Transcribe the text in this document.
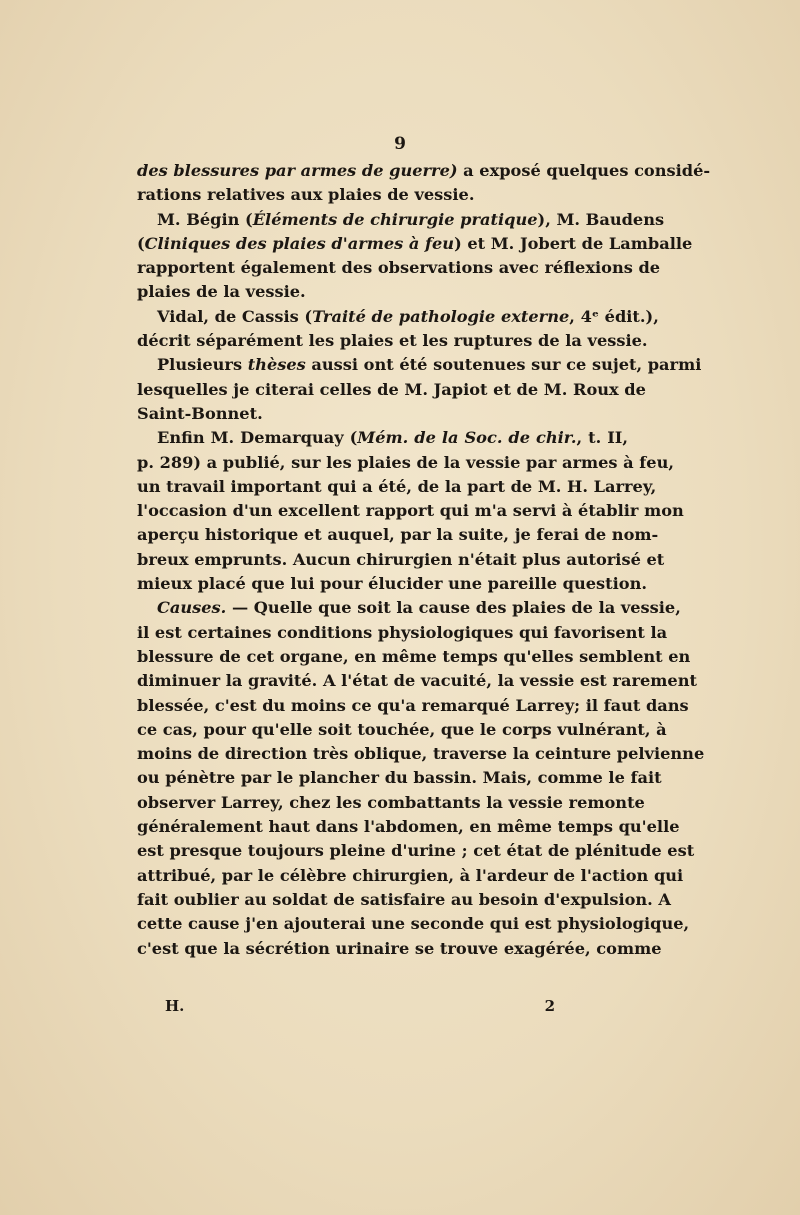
9
des blessures par armes de guerre) a exposé quelques considé-
rations relatives aux plaies de vessie.
M. Bégin (Éléments de chirurgie pratique), M. Baudens
(Cliniques des plaies d'armes à feu) et M. Jobert de Lamballe
rapportent également des observations avec réflexions de
plaies de la vessie.
Vidal, de Cassis (Traité de pathologie externe, 4ᵉ édit.),
décrit séparément les plaies et les ruptures de la vessie.
Plusieurs thèses aussi ont été soutenues sur ce sujet, parmi
lesquelles je citerai celles de M. Japiot et de M. Roux de
Saint-Bonnet.
Enfin M. Demarquay (Mém. de la Soc. de chir., t. II,
p. 289) a publié, sur les plaies de la vessie par armes à feu,
un travail important qui a été, de la part de M. H. Larrey,
l'occasion d'un excellent rapport qui m'a servi à établir mon
aperçu historique et auquel, par la suite, je ferai de nom-
breux emprunts. Aucun chirurgien n'était plus autorisé et
mieux placé que lui pour élucider une pareille question.
Causes. — Quelle que soit la cause des plaies de la vessie,
il est certaines conditions physiologiques qui favorisent la
blessure de cet organe, en même temps qu'elles semblent en
diminuer la gravité. A l'état de vacuité, la vessie est rarement
blessée, c'est du moins ce qu'a remarqué Larrey; il faut dans
ce cas, pour qu'elle soit touchée, que le corps vulnérant, à
moins de direction très oblique, traverse la ceinture pelvienne
ou pénètre par le plancher du bassin. Mais, comme le fait
observer Larrey, chez les combattants la vessie remonte
généralement haut dans l'abdomen, en même temps qu'elle
est presque toujours pleine d'urine ; cet état de plénitude est
attribué, par le célèbre chirurgien, à l'ardeur de l'action qui
fait oublier au soldat de satisfaire au besoin d'expulsion. A
cette cause j'en ajouterai une seconde qui est physiologique,
c'est que la sécrétion urinaire se trouve exagérée, comme
H.	2
